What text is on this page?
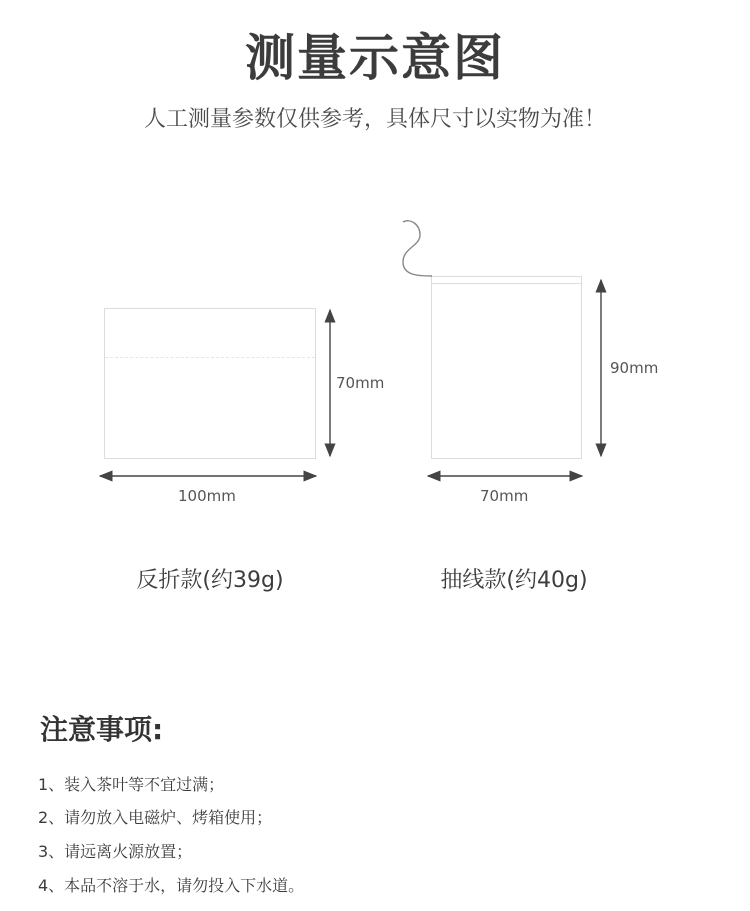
测量示意图
人工测量参数仅供参考，具体尺寸以实物为准！
70mm
100mm
90mm
70mm
反折款(约39g)	抽线款(约40g)
注意事项:
1、装入茶叶等不宜过满；
2、请勿放入电磁炉、烤箱使用；
3、请远离火源放置；
4、本品不溶于水，请勿投入下水道。
